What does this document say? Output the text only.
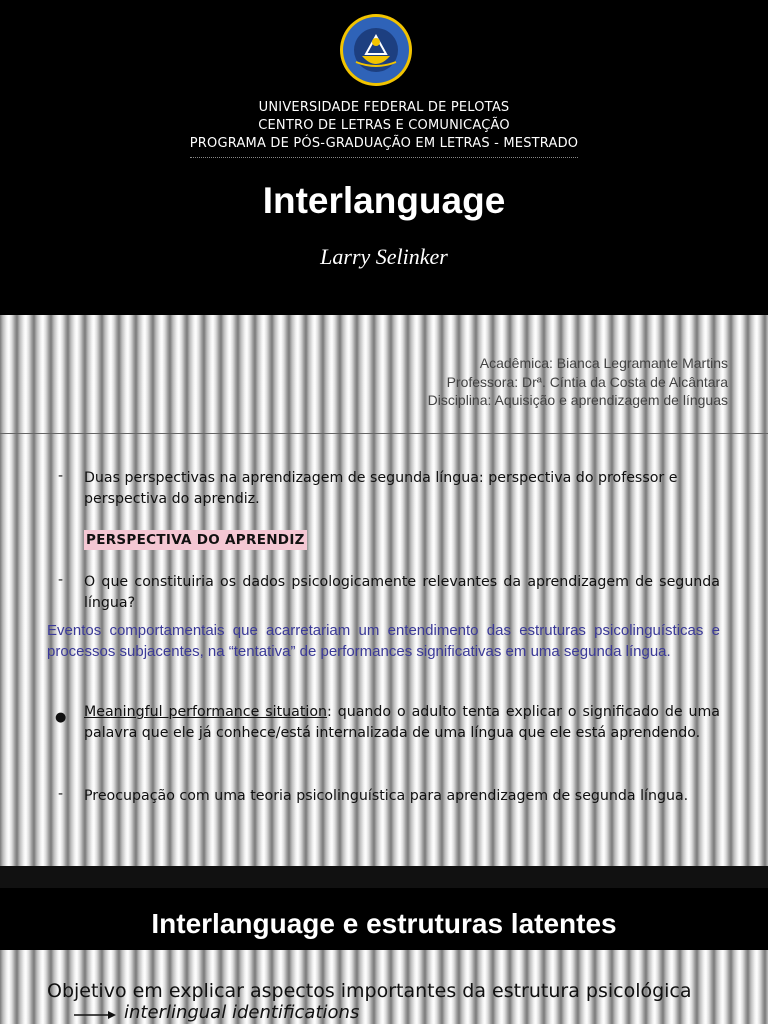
UNIVERSIDADE FEDERAL DE PELOTAS
CENTRO DE LETRAS E COMUNICAÇÃO
PROGRAMA DE PÓS-GRADUAÇÃO EM LETRAS - MESTRADO
Interlanguage
Larry Selinker
Acadêmica: Bianca Legramante Martins
Professora: Drª. Cíntia da Costa de Alcântara
Disciplina: Aquisição e aprendizagem de línguas
- Duas perspectivas na aprendizagem de segunda língua: perspectiva do professor e perspectiva do aprendiz.
PERSPECTIVA DO APRENDIZ
- O que constituiria os dados psicologicamente relevantes da aprendizagem de segunda língua?
Eventos comportamentais que acarretariam um entendimento das estruturas psicolinguísticas e processos subjacentes, na “tentativa” de performances significativas em uma segunda língua.
● Meaningful performance situation: quando o adulto tenta explicar o significado de uma palavra que ele já conhece/está internalizada de uma língua que ele está aprendendo.
- Preocupação com uma teoria psicolinguística para aprendizagem de segunda língua.
Interlanguage e estruturas latentes
Objetivo em explicar aspectos importantes da estrutura psicológica
interlingual identifications
